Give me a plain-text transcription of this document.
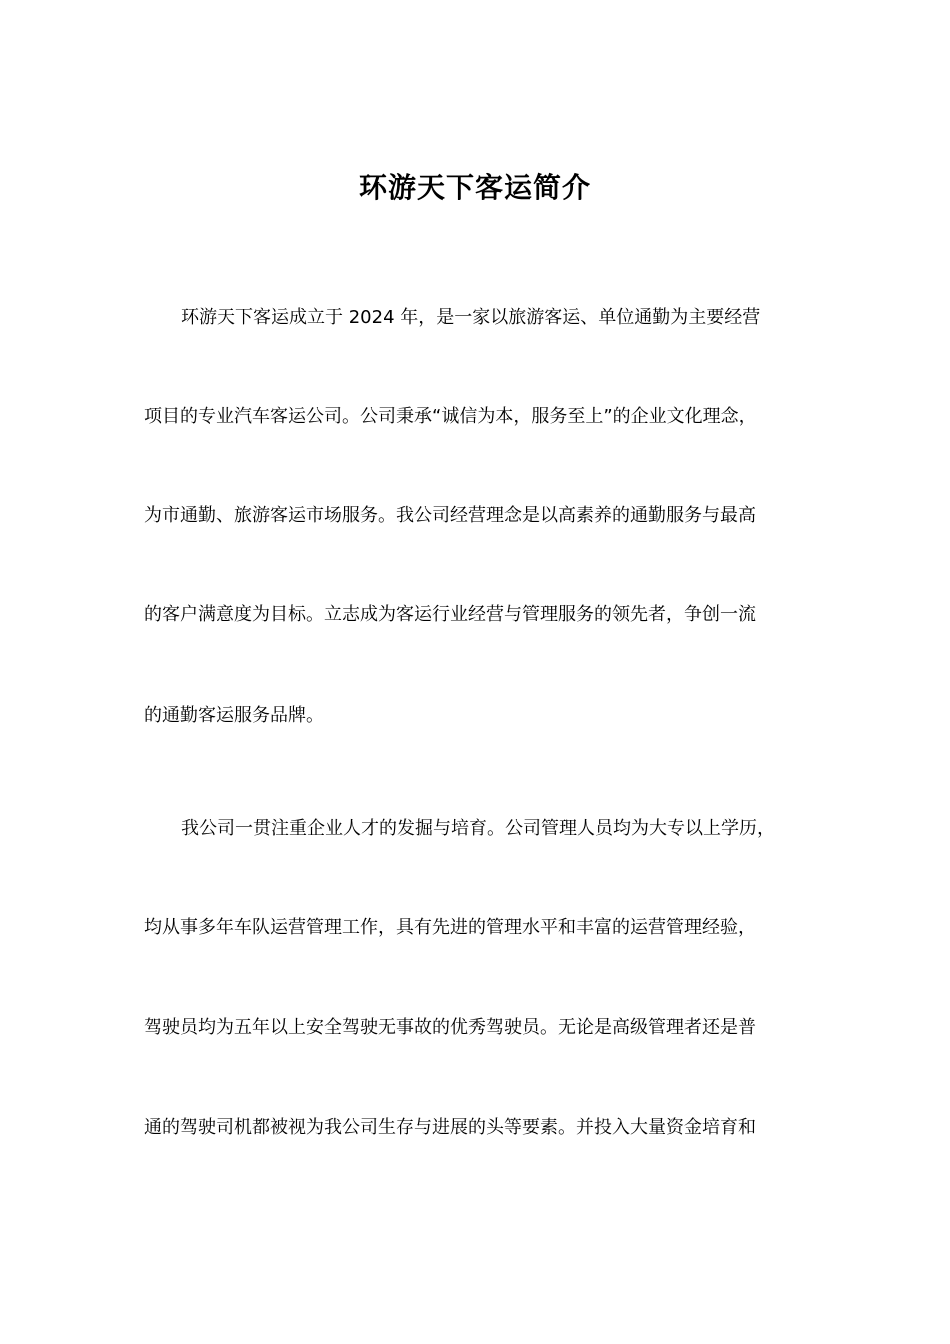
环游天下客运简介
环游天下客运成立于 2024 年，是一家以旅游客运、单位通勤为主要经营
项目的专业汽车客运公司。公司秉承“诚信为本，服务至上”的企业文化理念，
为市通勤、旅游客运市场服务。我公司经营理念是以高素养的通勤服务与最高
的客户满意度为目标。立志成为客运行业经营与管理服务的领先者，争创一流
的通勤客运服务品牌。
我公司一贯注重企业人才的发掘与培育。公司管理人员均为大专以上学历，
均从事多年车队运营管理工作，具有先进的管理水平和丰富的运营管理经验，
驾驶员均为五年以上安全驾驶无事故的优秀驾驶员。无论是高级管理者还是普
通的驾驶司机都被视为我公司生存与进展的头等要素。并投入大量资金培育和
